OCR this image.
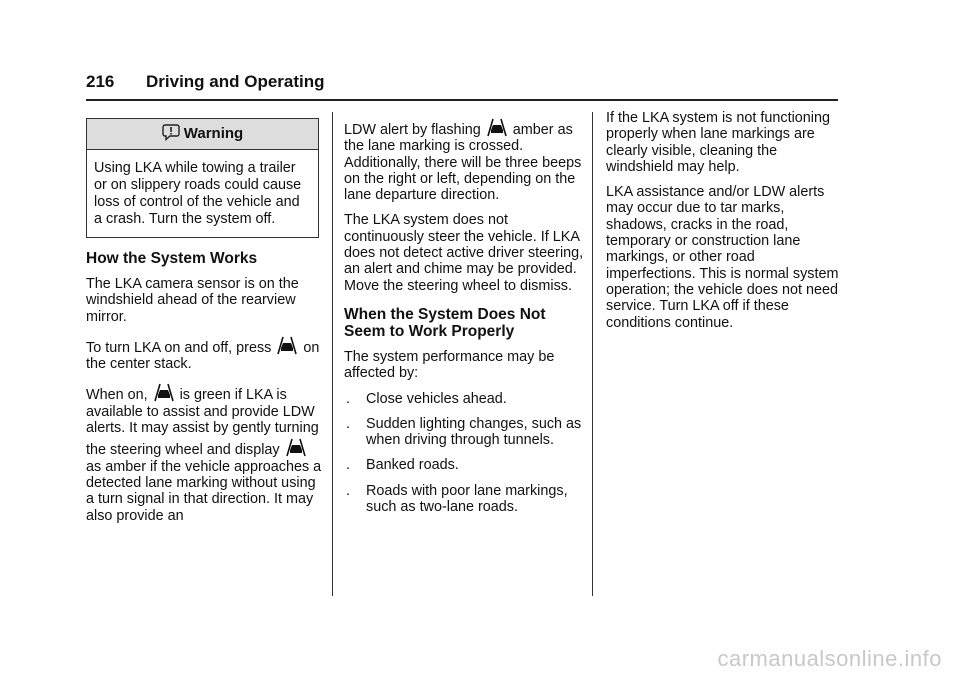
216 Driving and Operating
Warning
Using LKA while towing a trailer or on slippery roads could cause loss of control of the vehicle and a crash. Turn the system off.
How the System Works

The LKA camera sensor is on the windshield ahead of the rearview mirror.

To turn LKA on and off, press on the center stack.

When on, is green if LKA is available to assist and provide LDW alerts. It may assist by gently turning the steering wheel and display  as amber if the vehicle approaches a detected lane marking without using a turn signal in that direction. It may also provide an

LDW alert by flashing amber as the lane marking is crossed. Additionally, there will be three beeps on the right or left, depending on the lane departure direction.

The LKA system does not continuously steer the vehicle. If LKA does not detect active driver steering, an alert and chime may be provided. Move the steering wheel to dismiss.

When the System Does Not Seem to Work Properly

The system performance may be affected by:

. Close vehicles ahead.
. Sudden lighting changes, such as when driving through tunnels.
. Banked roads.
. Roads with poor lane markings, such as two-lane roads.

If the LKA system is not functioning properly when lane markings are clearly visible, cleaning the windshield may help.

LKA assistance and/or LDW alerts may occur due to tar marks, shadows, cracks in the road, temporary or construction lane markings, or other road imperfections. This is normal system operation; the vehicle does not need service. Turn LKA off if these conditions continue.

carmanualsonline.info
